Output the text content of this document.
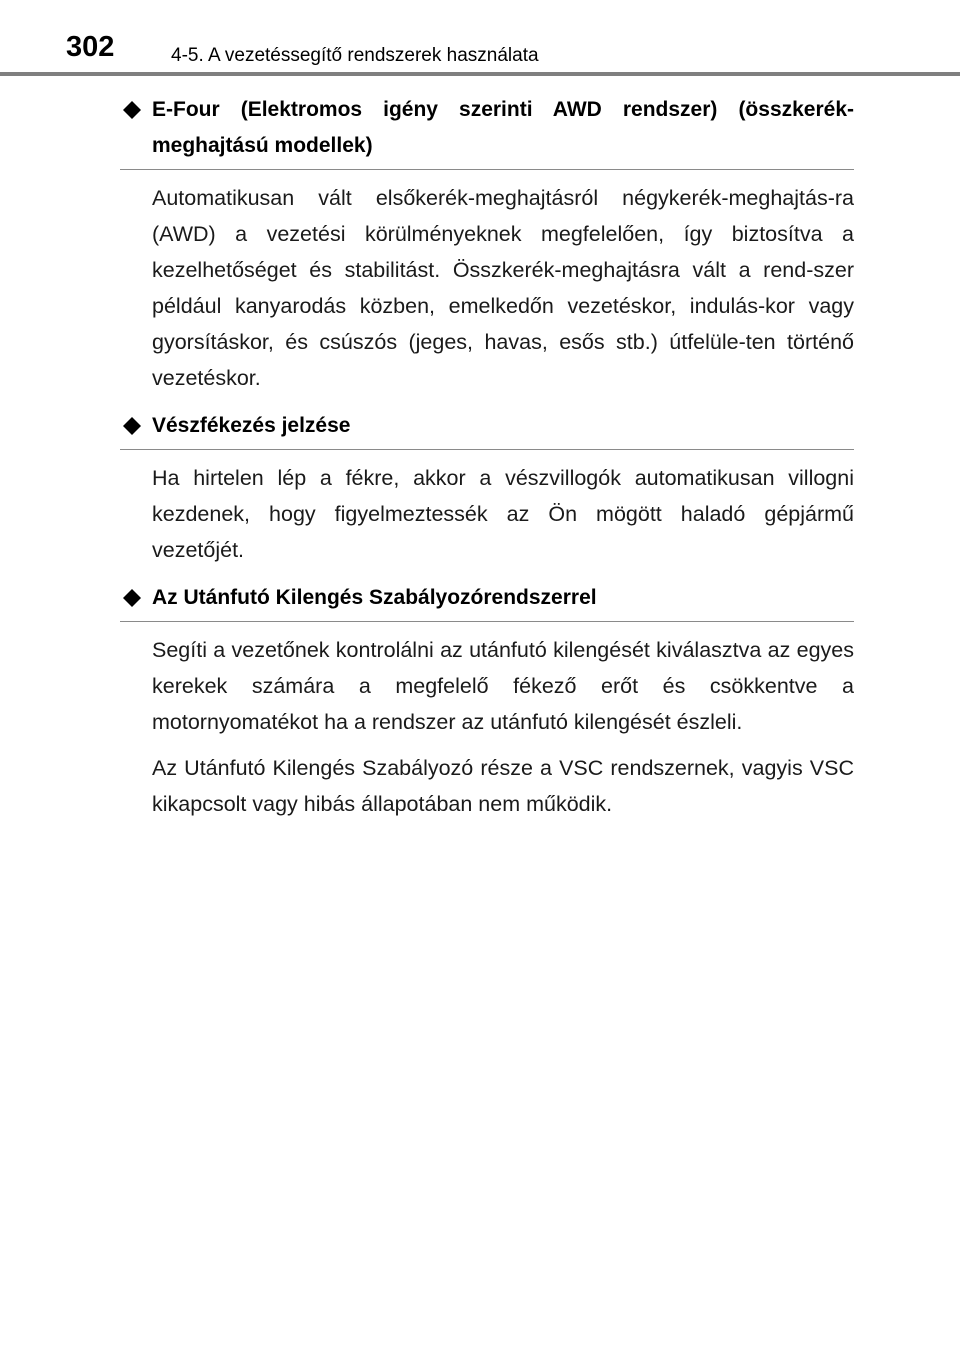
302	4-5. A vezetéssegítő rendszerek használata
E-Four (Elektromos igény szerinti AWD rendszer) (összkerék-meghajtású modellek)

Automatikusan vált elsőkerék-meghajtásról négykerék-meghajtás-ra (AWD) a vezetési körülményeknek megfelelően, így biztosítva a kezelhetőséget és stabilitást. Összkerék-meghajtásra vált a rend-szer például kanyarodás közben, emelkedőn vezetéskor, indulás-kor vagy gyorsításkor, és csúszós (jeges, havas, esős stb.) útfelüle-ten történő vezetéskor.

Vészfékezés jelzése

Ha hirtelen lép a fékre, akkor a vészvillogók automatikusan villogni kezdenek, hogy figyelmeztessék az Ön mögött haladó gépjármű vezetőjét.

Az Utánfutó Kilengés Szabályozórendszerrel

Segíti a vezetőnek kontrolálni az utánfutó kilengését kiválasztva az egyes kerekek számára a megfelelő fékező erőt és csökkentve a motornyomatékot ha a rendszer az utánfutó kilengését észleli.

Az Utánfutó Kilengés Szabályozó része a VSC rendszernek, vagyis VSC kikapcsolt vagy hibás állapotában nem működik.
